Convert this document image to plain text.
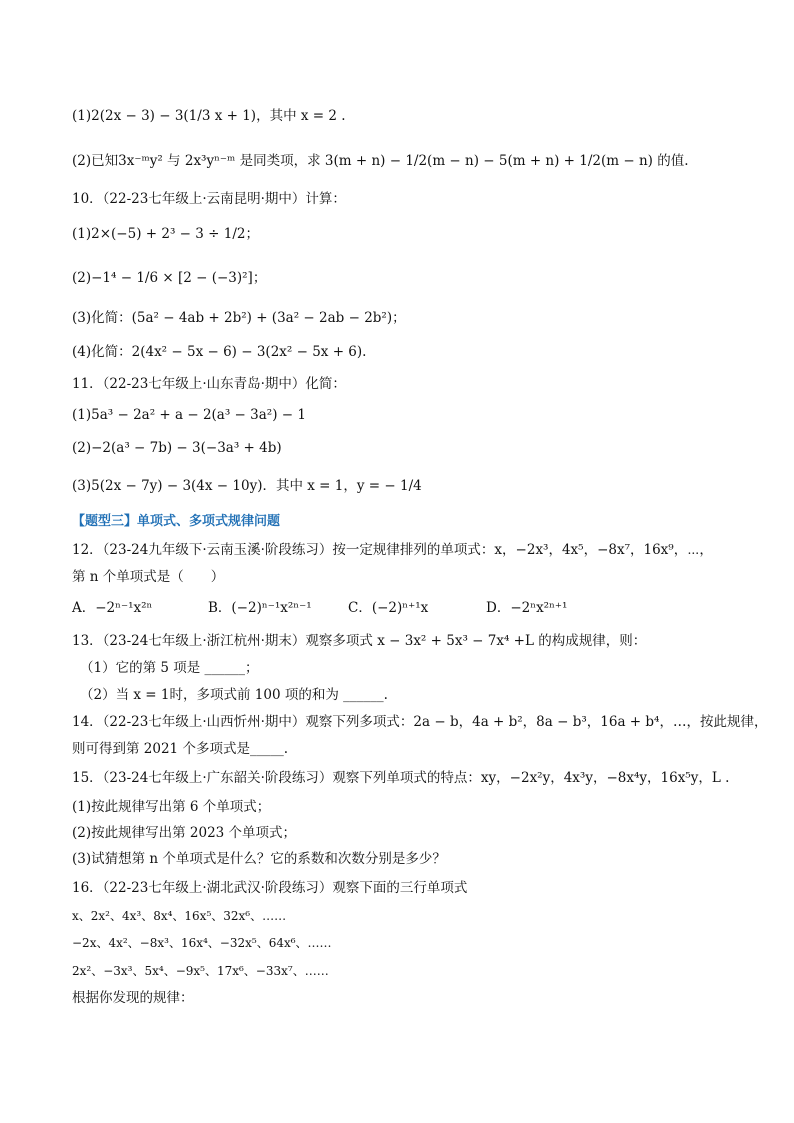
(1)2(2x − 3) − 3(1/3 x + 1)，其中 x = 2 .
(2)已知3x⁻ᵐy² 与 2x³yⁿ⁻ᵐ 是同类项，求 3(m + n) − 1/2(m − n) − 5(m + n) + 1/2(m − n) 的值.
10．（22-23七年级上·云南昆明·期中）计算：
(1)2×(−5) + 2³ − 3 ÷ 1/2；
(2)−1⁴ − 1/6 × [2 − (−3)²]；
(3)化简：(5a² − 4ab + 2b²) + (3a² − 2ab − 2b²)；
(4)化简：2(4x² − 5x − 6) − 3(2x² − 5x + 6).
11．（22-23七年级上·山东青岛·期中）化简：
(1)5a³ − 2a² + a − 2(a³ − 3a²) − 1
(2)−2(a³ − 7b) − 3(−3a³ + 4b)
(3)5(2x − 7y) − 3(4x − 10y)．其中 x = 1，y = − 1/4
【题型三】单项式、多项式规律问题
12．（23-24九年级下·云南玉溪·阶段练习）按一定规律排列的单项式：x，−2x³，4x⁵，−8x⁷，16x⁹，⋯，
第 n 个单项式是（　　）
A．−2ⁿ⁻¹x²ⁿ	B．(−2)ⁿ⁻¹x²ⁿ⁻¹	C．(−2)ⁿ⁺¹x	D．−2ⁿx²ⁿ⁺¹
13．（23-24七年级上·浙江杭州·期末）观察多项式 x − 3x² + 5x³ − 7x⁴ +L 的构成规律，则：
（1）它的第 5 项是 ______；
（2）当 x = 1时，多项式前 100 项的和为 ______.
14．（22-23七年级上·山西忻州·期中）观察下列多项式：2a − b，4a + b²，8a − b³，16a + b⁴，…，按此规律，
则可得到第 2021 个多项式是_____.
15．（23-24七年级上·广东韶关·阶段练习）观察下列单项式的特点：xy，−2x²y，4x³y，−8x⁴y，16x⁵y，L .
(1)按此规律写出第 6 个单项式；
(2)按此规律写出第 2023 个单项式；
(3)试猜想第 n 个单项式是什么？它的系数和次数分别是多少？
16．（22-23七年级上·湖北武汉·阶段练习）观察下面的三行单项式
x、2x²、4x³、8x⁴、16x⁵、32x⁶、……
−2x、4x²、−8x³、16x⁴、−32x⁵、64x⁶、……
2x²、−3x³、5x⁴、−9x⁵、17x⁶、−33x⁷、……
根据你发现的规律：
